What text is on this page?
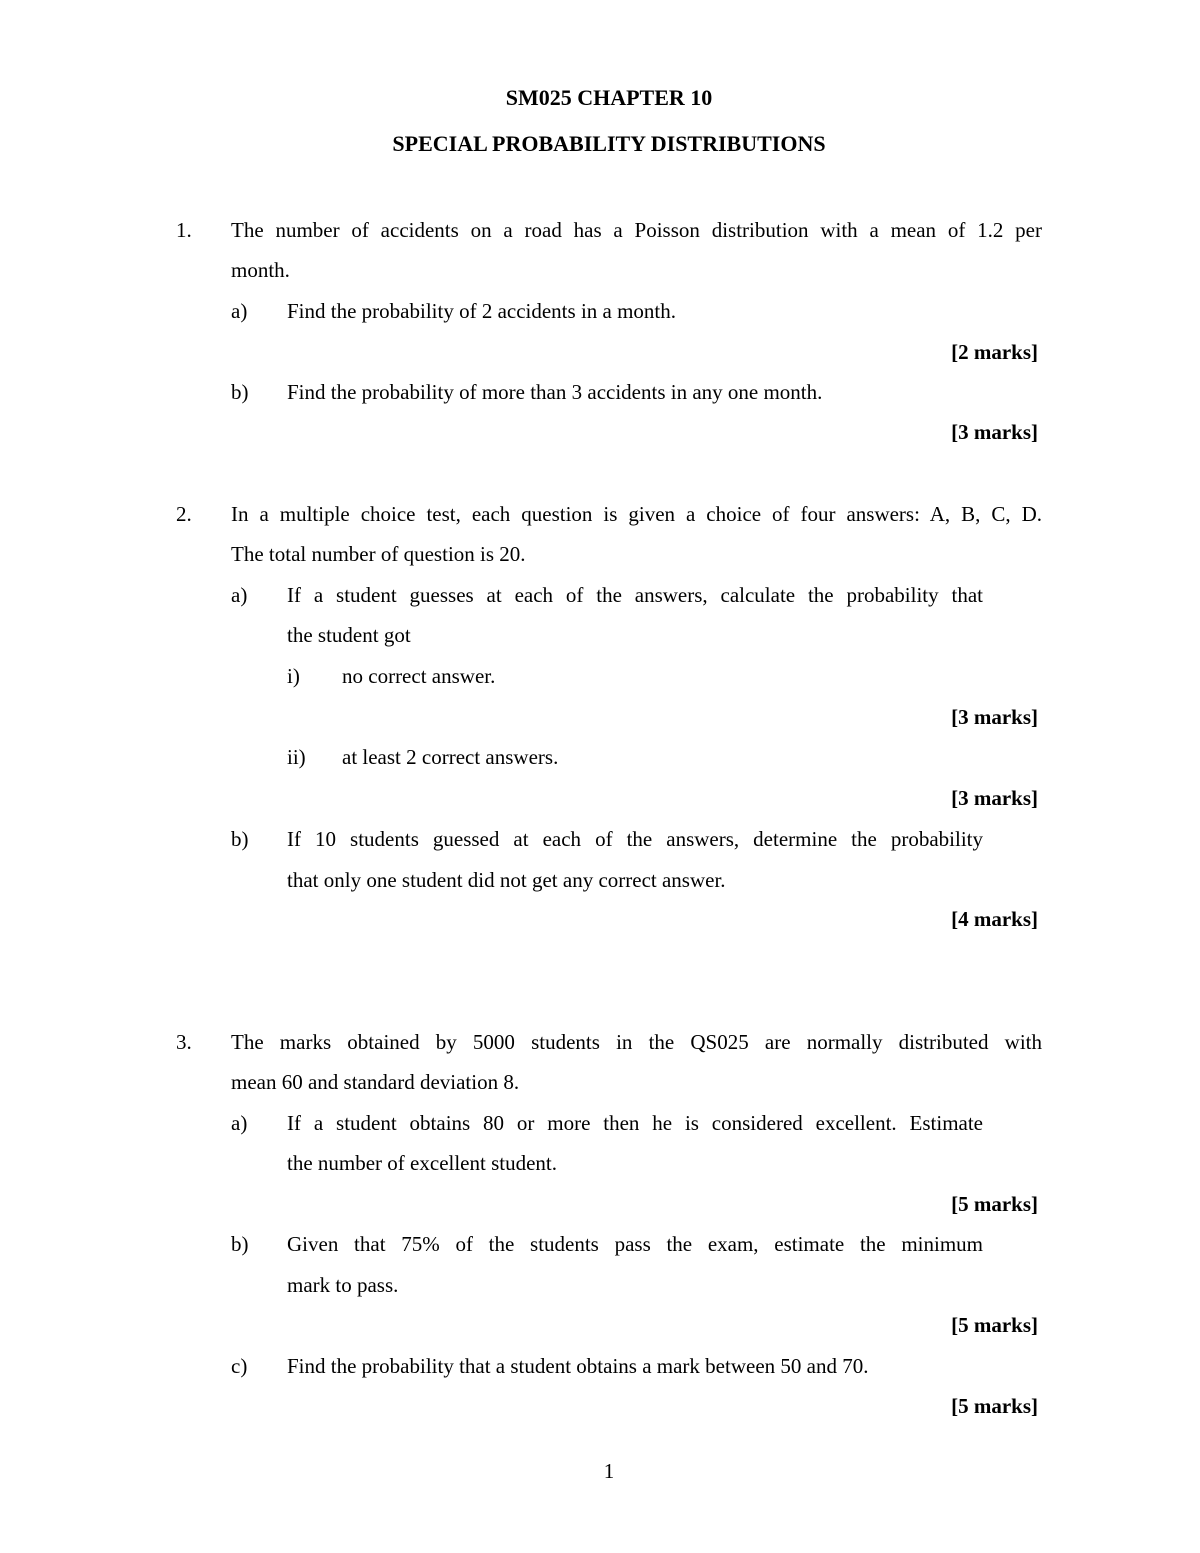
SM025 CHAPTER 10
SPECIAL PROBABILITY DISTRIBUTIONS
1. The number of accidents on a road has a Poisson distribution with a mean of 1.2 per
month.
a) Find the probability of 2 accidents in a month.
[2 marks]
b) Find the probability of more than 3 accidents in any one month.
[3 marks]
2. In a multiple choice test, each question is given a choice of four answers: A, B, C, D.
The total number of question is 20.
a) If a student guesses at each of the answers, calculate the probability that
the student got
i) no correct answer.
[3 marks]
ii) at least 2 correct answers.
[3 marks]
b) If 10 students guessed at each of the answers, determine the probability
that only one student did not get any correct answer.
[4 marks]
3. The marks obtained by 5000 students in the QS025 are normally distributed with
mean 60 and standard deviation 8.
a) If a student obtains 80 or more then he is considered excellent. Estimate
the number of excellent student.
[5 marks]
b) Given that 75% of the students pass the exam, estimate the minimum
mark to pass.
[5 marks]
c) Find the probability that a student obtains a mark between 50 and 70.
[5 marks]
1
